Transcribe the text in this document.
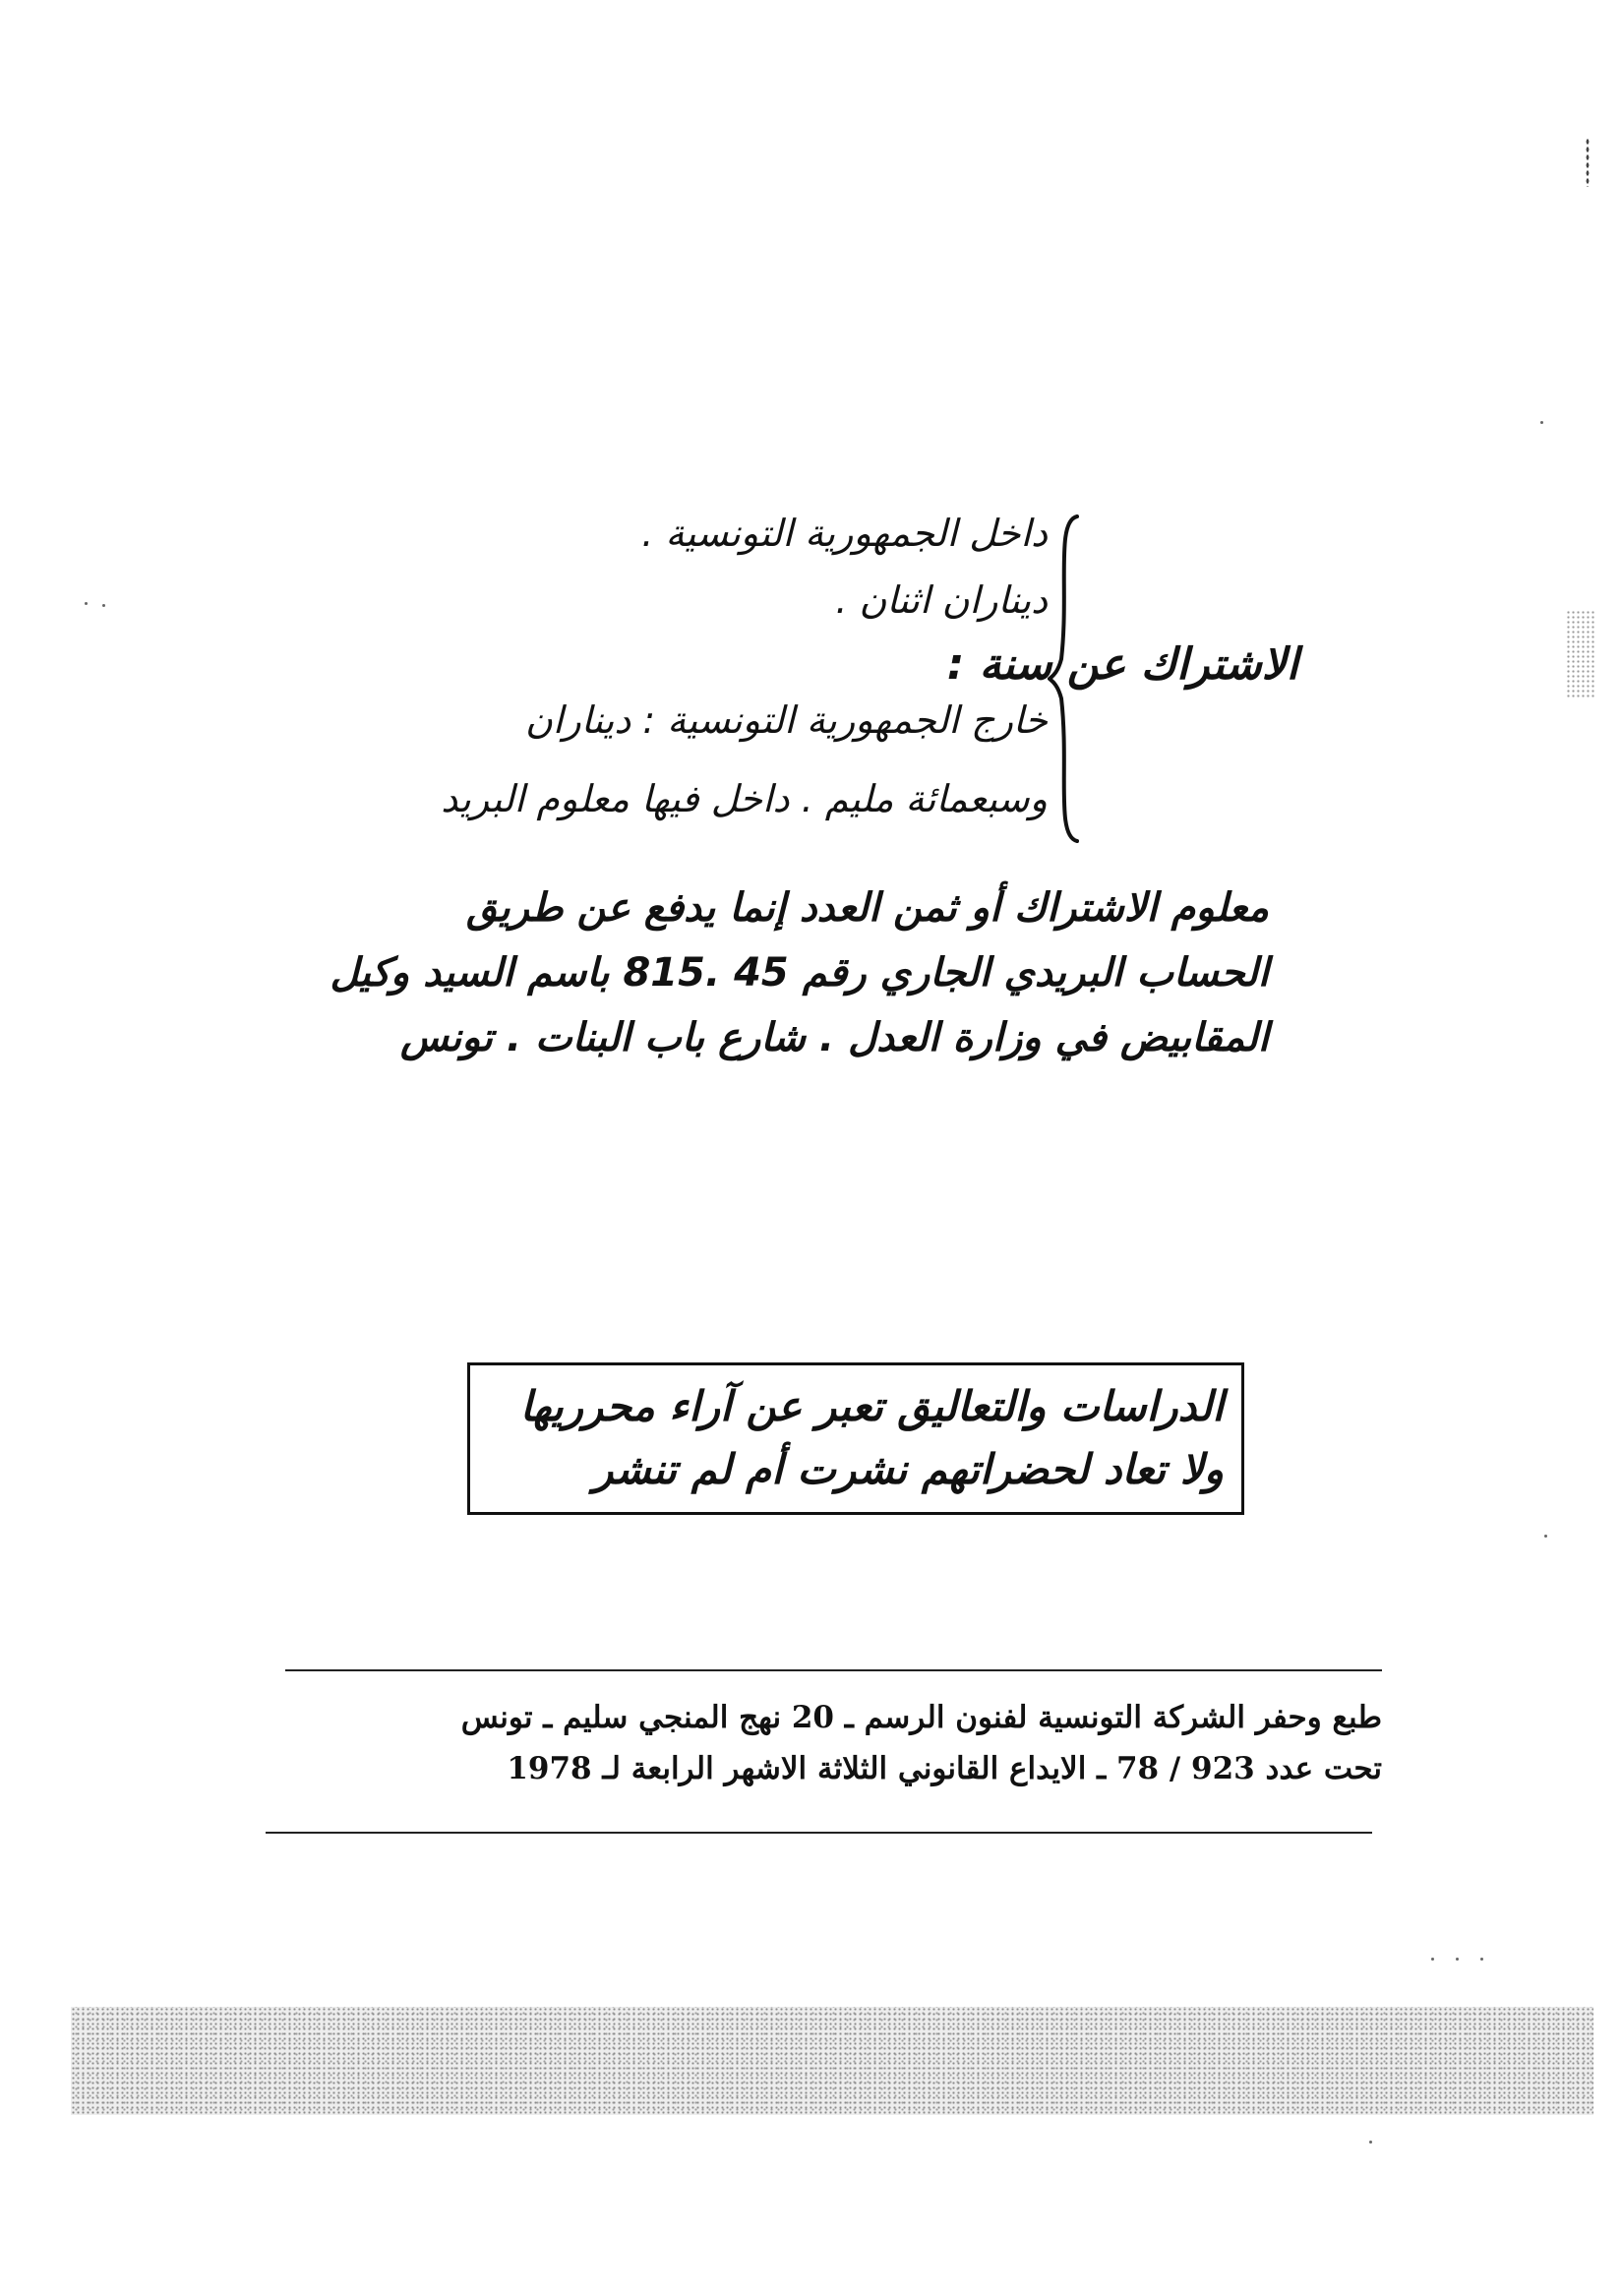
الاشتراك عن سنة :
داخل الجمهورية التونسية .
ديناران اثنان .
خارج الجمهورية التونسية : ديناران
وسبعمائة مليم . داخل فيها معلوم البريد
معلوم الاشتراك أو ثمن العدد إنما يدفع عن طريق
الحساب البريدي الجاري رقم 45 .815 باسم السيد وكيل
المقابيض في وزارة العدل . شارع باب البنات . تونس
الدراسات والتعاليق تعبر عن آراء محرريها
ولا تعاد لحضراتهم نشرت أم لم تنشر
طبع وحفر الشركة التونسية لفنون الرسم ـ 20 نهج المنجي سليم ـ تونس
تحت عدد 923 / 78 ـ الايداع القانوني الثلاثة الاشهر الرابعة لـ 1978
